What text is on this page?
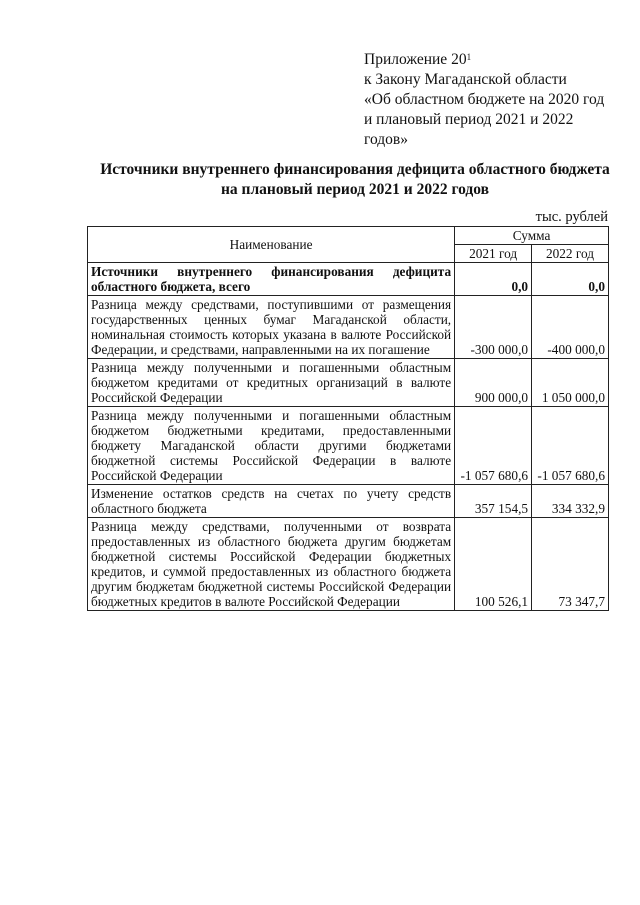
Приложение $20^1$
к Закону Магаданской области
«Об областном бюджете на 2020 год
и плановый период 2021 и 2022
годов»
Источники внутреннего финансирования дефицита областного бюджета
на плановый период 2021 и 2022 годов
тыс. рублей
Наименование	Сумма	
	2021 год	2022 год
Источники внутреннего финансирования дефицита областного бюджета, всего	0,0	0,0
Разница между средствами, поступившими от размещения государственных ценных бумаг Магаданской области, номинальная стоимость которых указана в валюте Российской Федерации, и средствами, направленными на их погашение	-300 000,0	-400 000,0
Разница между полученными и погашенными областным бюджетом кредитами от кредитных организаций в валюте Российской Федерации	900 000,0	1 050 000,0
Разница между полученными и погашенными областным бюджетом бюджетными кредитами, предоставленными бюджету Магаданской области другими бюджетами бюджетной системы Российской Федерации в валюте Российской Федерации	-1 057 680,6	-1 057 680,6
Изменение остатков средств на счетах по учету средств областного бюджета	357 154,5	334 332,9
Разница между средствами, полученными от возврата предоставленных из областного бюджета другим бюджетам бюджетной системы Российской Федерации бюджетных кредитов, и суммой предоставленных из областного бюджета другим бюджетам бюджетной системы Российской Федерации бюджетных кредитов в валюте Российской Федерации	100 526,1	73 347,7
